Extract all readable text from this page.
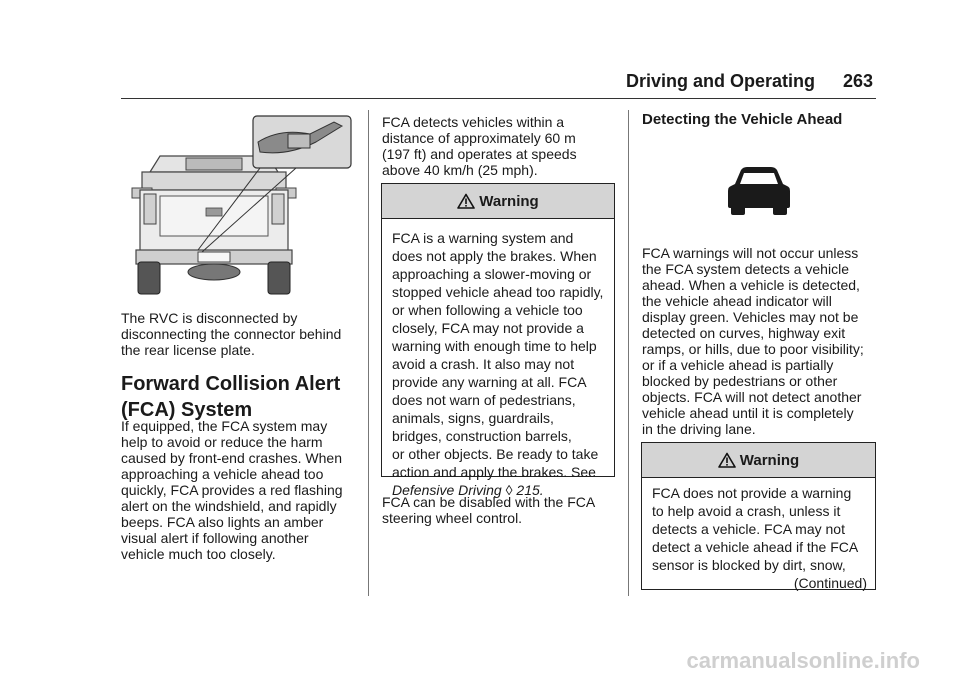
Driving and Operating 263

The RVC is disconnected by

disconnecting the connector behind

the rear license plate.

Forward Collision Alert
(FCA) System

If equipped, the FCA system may

help to avoid or reduce the harm

caused by front-end crashes. When

approaching a vehicle ahead too

quickly, FCA provides a red flashing

alert on the windshield, and rapidly

beeps. FCA also lights an amber

visual alert if following another

vehicle much too closely.

FCA detects vehicles within a

distance of approximately 60 m

(197 ft) and operates at speeds

above 40 km/h (25 mph).

Warning

FCA is a warning system and

does not apply the brakes. When

approaching a slower-moving or

stopped vehicle ahead too rapidly,

or when following a vehicle too

closely, FCA may not provide a

warning with enough time to help

avoid a crash. It also may not

provide any warning at all. FCA

does not warn of pedestrians,

animals, signs, guardrails,

bridges, construction barrels,

or other objects. Be ready to take

action and apply the brakes. See

Defensive Driving ◊ 215.

FCA can be disabled with the FCA

steering wheel control.

Detecting the Vehicle Ahead

FCA warnings will not occur unless

the FCA system detects a vehicle

ahead. When a vehicle is detected,

the vehicle ahead indicator will

display green. Vehicles may not be

detected on curves, highway exit

ramps, or hills, due to poor visibility;

or if a vehicle ahead is partially

blocked by pedestrians or other

objects. FCA will not detect another

vehicle ahead until it is completely

in the driving lane.

Warning

FCA does not provide a warning

to help avoid a crash, unless it

detects a vehicle. FCA may not

detect a vehicle ahead if the FCA

sensor is blocked by dirt, snow,

(Continued)

carmanualsonline.info
